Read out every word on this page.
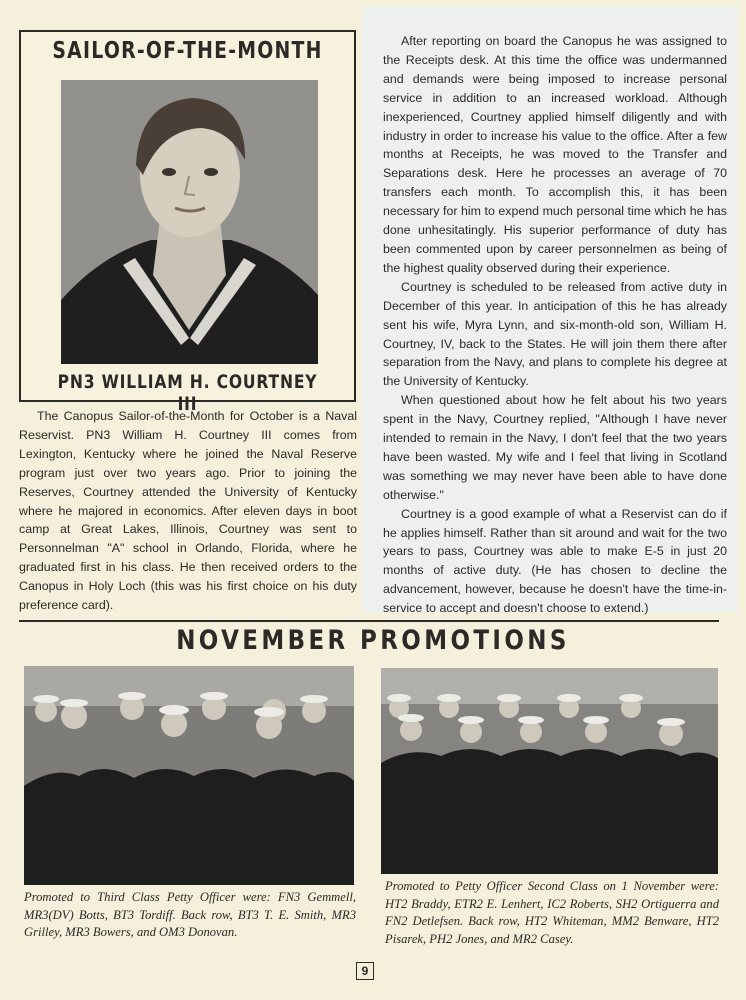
SAILOR-OF-THE-MONTH
PN3 WILLIAM H. COURTNEY III

The Canopus Sailor-of-the-Month for October is a Naval Reservist. PN3 William H. Courtney III comes from Lexington, Kentucky where he joined the Naval Reserve program just over two years ago. Prior to joining the Reserves, Courtney attended the University of Kentucky where he majored in economics. After eleven days in boot camp at Great Lakes, Illinois, Courtney was sent to Personnelman "A" school in Orlando, Florida, where he graduated first in his class. He then received orders to the Canopus in Holy Loch (this was his first choice on his duty preference card).

After reporting on board the Canopus he was assigned to the Receipts desk. At this time the office was undermanned and demands were being imposed to increase personal service in addition to an increased workload. Although inexperienced, Courtney applied himself diligently and with industry in order to increase his value to the office. After a few months at Receipts, he was moved to the Transfer and Separations desk. Here he processes an average of 70 transfers each month. To accomplish this, it has been necessary for him to expend much personal time which he has done unhesitatingly. His superior performance of duty has been commented upon by career personnelmen as being of the highest quality observed during their experience.

Courtney is scheduled to be released from active duty in December of this year. In anticipation of this he has already sent his wife, Myra Lynn, and six-month-old son, William H. Courtney, IV, back to the States. He will join them there after separation from the Navy, and plans to complete his degree at the University of Kentucky.

When questioned about how he felt about his two years spent in the Navy, Courtney replied, "Although I have never intended to remain in the Navy, I don't feel that the two years have been wasted. My wife and I feel that living in Scotland was something we may never have been able to have done otherwise."

Courtney is a good example of what a Reservist can do if he applies himself. Rather than sit around and wait for the two years to pass, Courtney was able to make E-5 in just 20 months of active duty. (He has chosen to decline the advancement, however, because he doesn't have the time-in-service to accept and doesn't choose to extend.)

NOVEMBER PROMOTIONS
Promoted to Third Class Petty Officer were: FN3 Gemmell, MR3(DV) Botts, BT3 Tordiff. Back row, BT3 T. E. Smith, MR3 Grilley, MR3 Bowers, and OM3 Donovan.
Promoted to Petty Officer Second Class on 1 November were: HT2 Braddy, ETR2 E. Lenhert, IC2 Roberts, SH2 Ortiguerra and FN2 Detlefsen. Back row, HT2 Whiteman, MM2 Benware, HT2 Pisarek, PH2 Jones, and MR2 Casey.
9
